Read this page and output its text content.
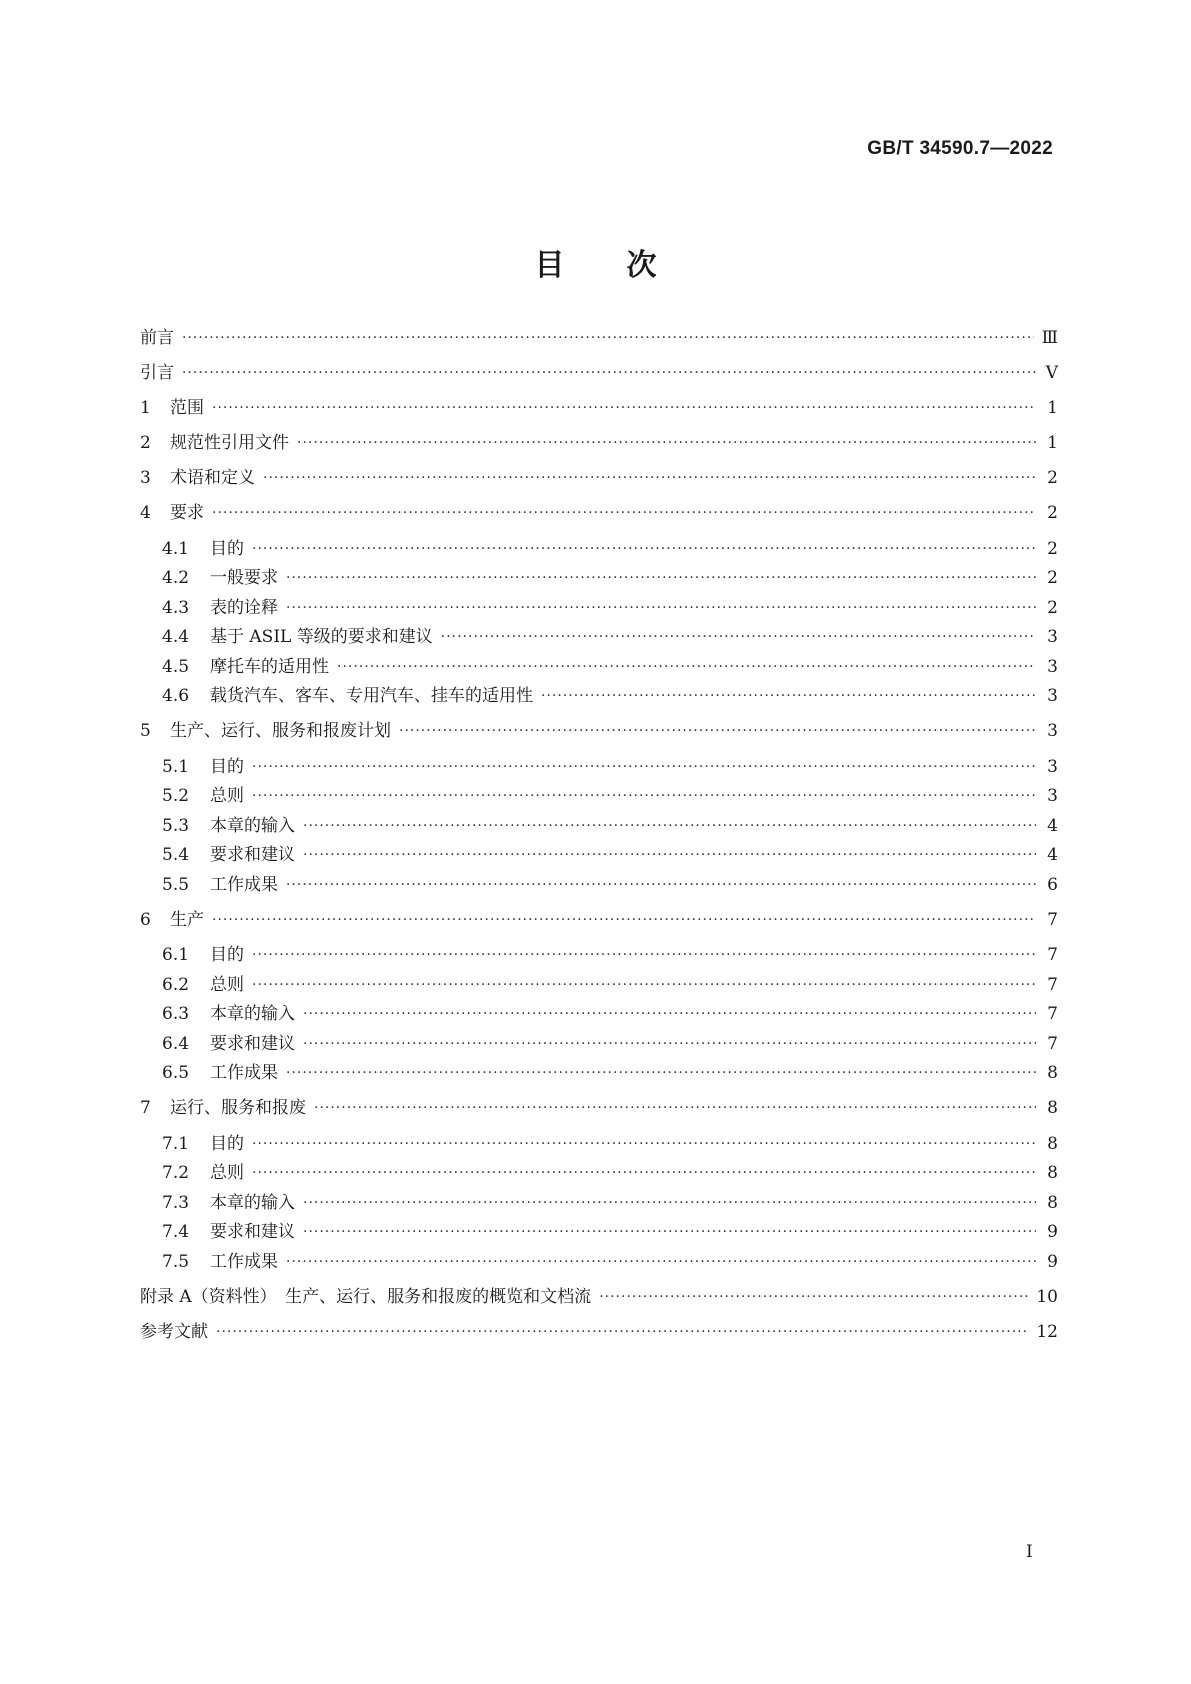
GB/T 34590.7—2022
目 次
前言 ·····	Ⅲ
引言 ·····	Ⅴ
1	范围 ·····	1
2	规范性引用文件 ·····	1
3	术语和定义 ·····	2
4	要求 ·····	2
4.1	目的 ·····	2
4.2	一般要求 ·····	2
4.3	表的诠释 ·····	2
4.4	基于 ASIL 等级的要求和建议 ·····	3
4.5	摩托车的适用性 ·····	3
4.6	载货汽车、客车、专用汽车、挂车的适用性 ·····	3
5	生产、运行、服务和报废计划 ·····	3
5.1	目的 ·····	3
5.2	总则 ·····	3
5.3	本章的输入 ·····	4
5.4	要求和建议 ·····	4
5.5	工作成果 ·····	6
6	生产 ·····	7
6.1	目的 ·····	7
6.2	总则 ·····	7
6.3	本章的输入 ·····	7
6.4	要求和建议 ·····	7
6.5	工作成果 ·····	8
7	运行、服务和报废 ·····	8
7.1	目的 ·····	8
7.2	总则 ·····	8
7.3	本章的输入 ·····	8
7.4	要求和建议 ·····	9
7.5	工作成果 ·····	9
附录 A（资料性）　生产、运行、服务和报废的概览和文档流 ·····	10
参考文献 ·····	12
I
